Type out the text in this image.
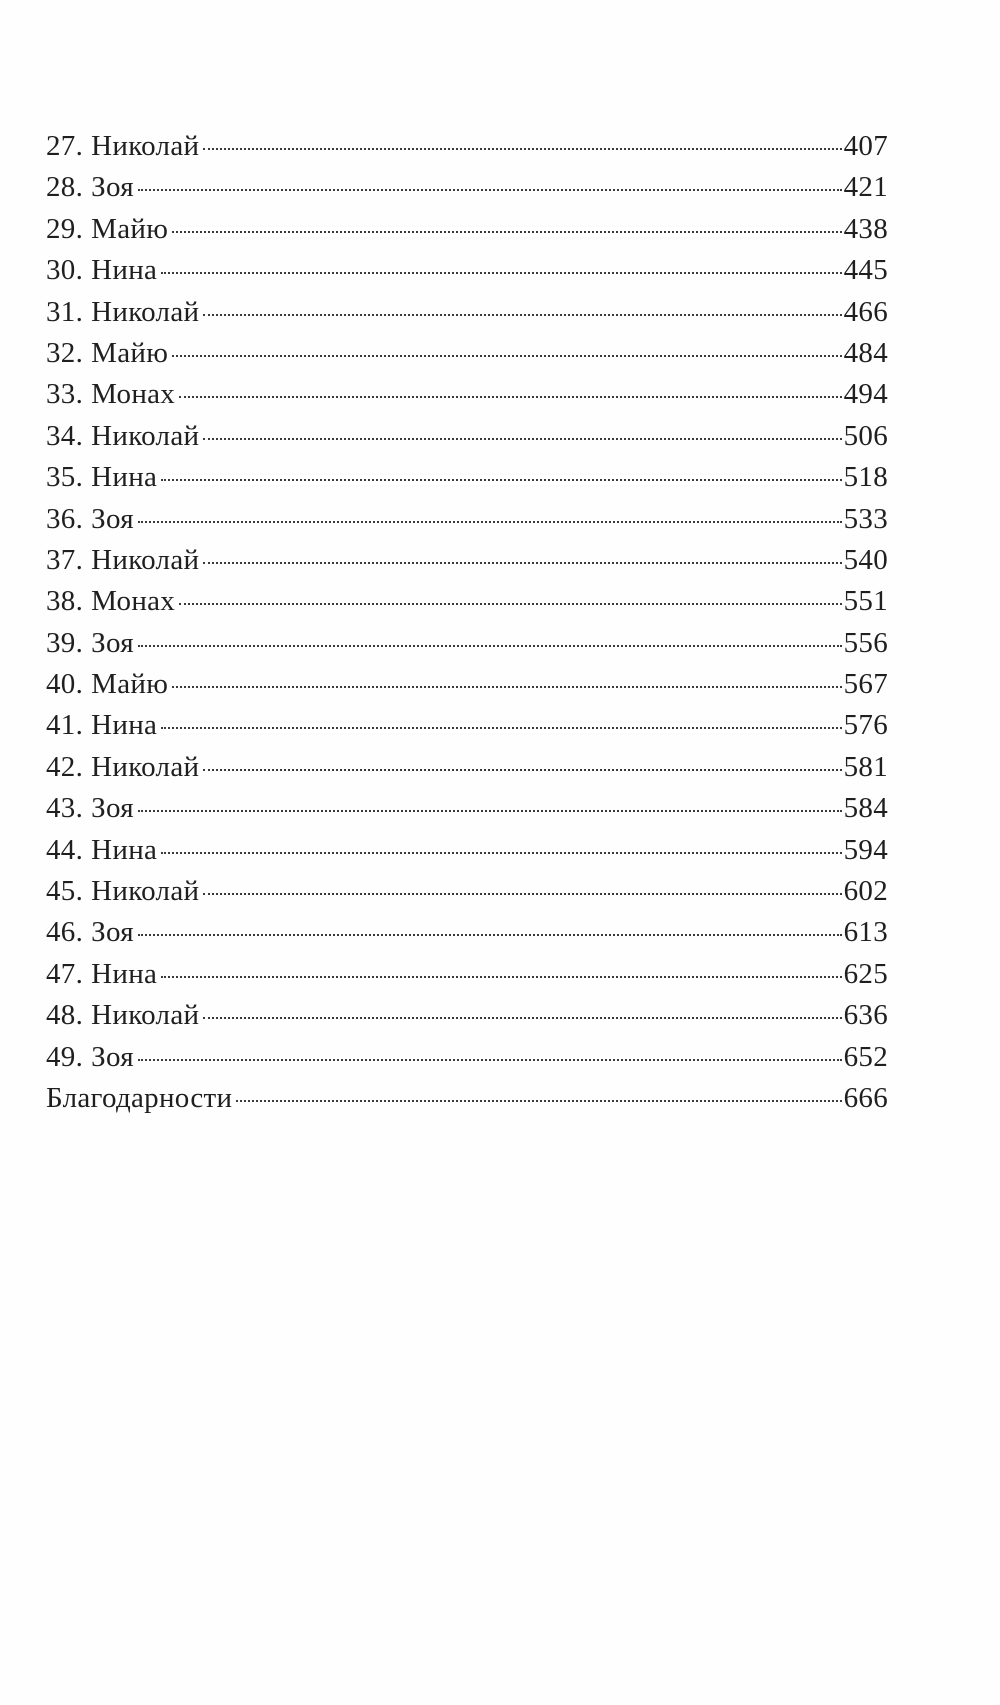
27. Николай	407
28. Зоя	421
29. Майю	438
30. Нина	445
31. Николай	466
32. Майю	484
33. Монах	494
34. Николай	506
35. Нина	518
36. Зоя	533
37. Николай	540
38. Монах	551
39. Зоя	556
40. Майю	567
41. Нина	576
42. Николай	581
43. Зоя	584
44. Нина	594
45. Николай	602
46. Зоя	613
47. Нина	625
48. Николай	636
49. Зоя	652
Благодарности	666
